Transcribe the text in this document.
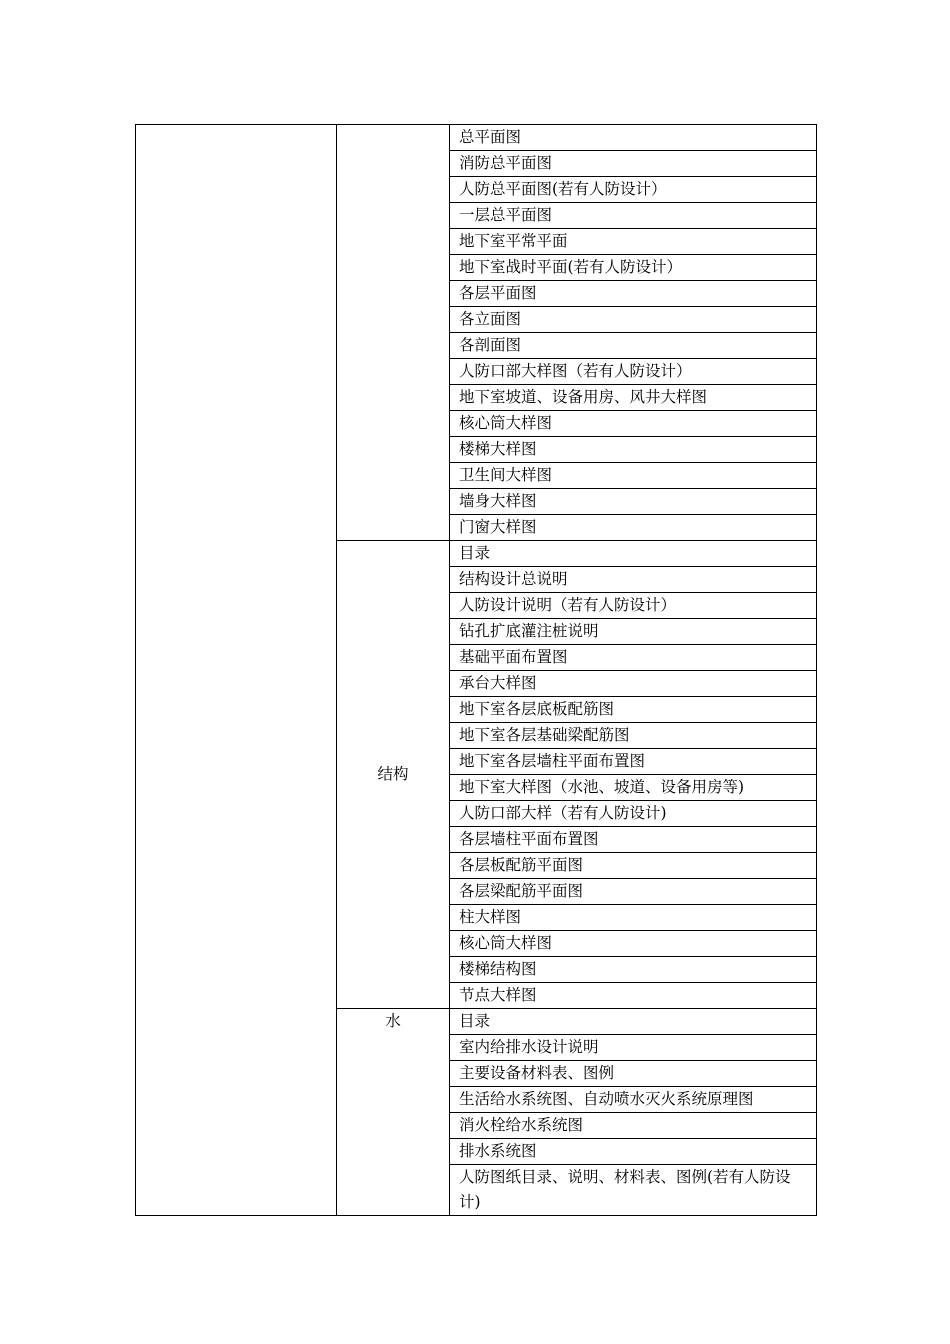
		总平面图
		消防总平面图
		人防总平面图(若有人防设计）
		一层总平面图
		地下室平常平面
		地下室战时平面(若有人防设计）
		各层平面图
		各立面图
		各剖面图
		人防口部大样图（若有人防设计）
		地下室坡道、设备用房、风井大样图
		核心筒大样图
		楼梯大样图
		卫生间大样图
		墙身大样图
		门窗大样图
	结构	目录
		结构设计总说明
		人防设计说明（若有人防设计）
		钻孔扩底灌注桩说明
		基础平面布置图
		承台大样图
		地下室各层底板配筋图
		地下室各层基础梁配筋图
		地下室各层墙柱平面布置图
		地下室大样图（水池、坡道、设备用房等)
		人防口部大样（若有人防设计)
		各层墙柱平面布置图
		各层板配筋平面图
		各层梁配筋平面图
		柱大样图
		核心筒大样图
		楼梯结构图
		节点大样图
	水	目录
		室内给排水设计说明
		主要设备材料表、图例
		生活给水系统图、自动喷水灭火系统原理图
		消火栓给水系统图
		排水系统图
		人防图纸目录、说明、材料表、图例(若有人防设计)
